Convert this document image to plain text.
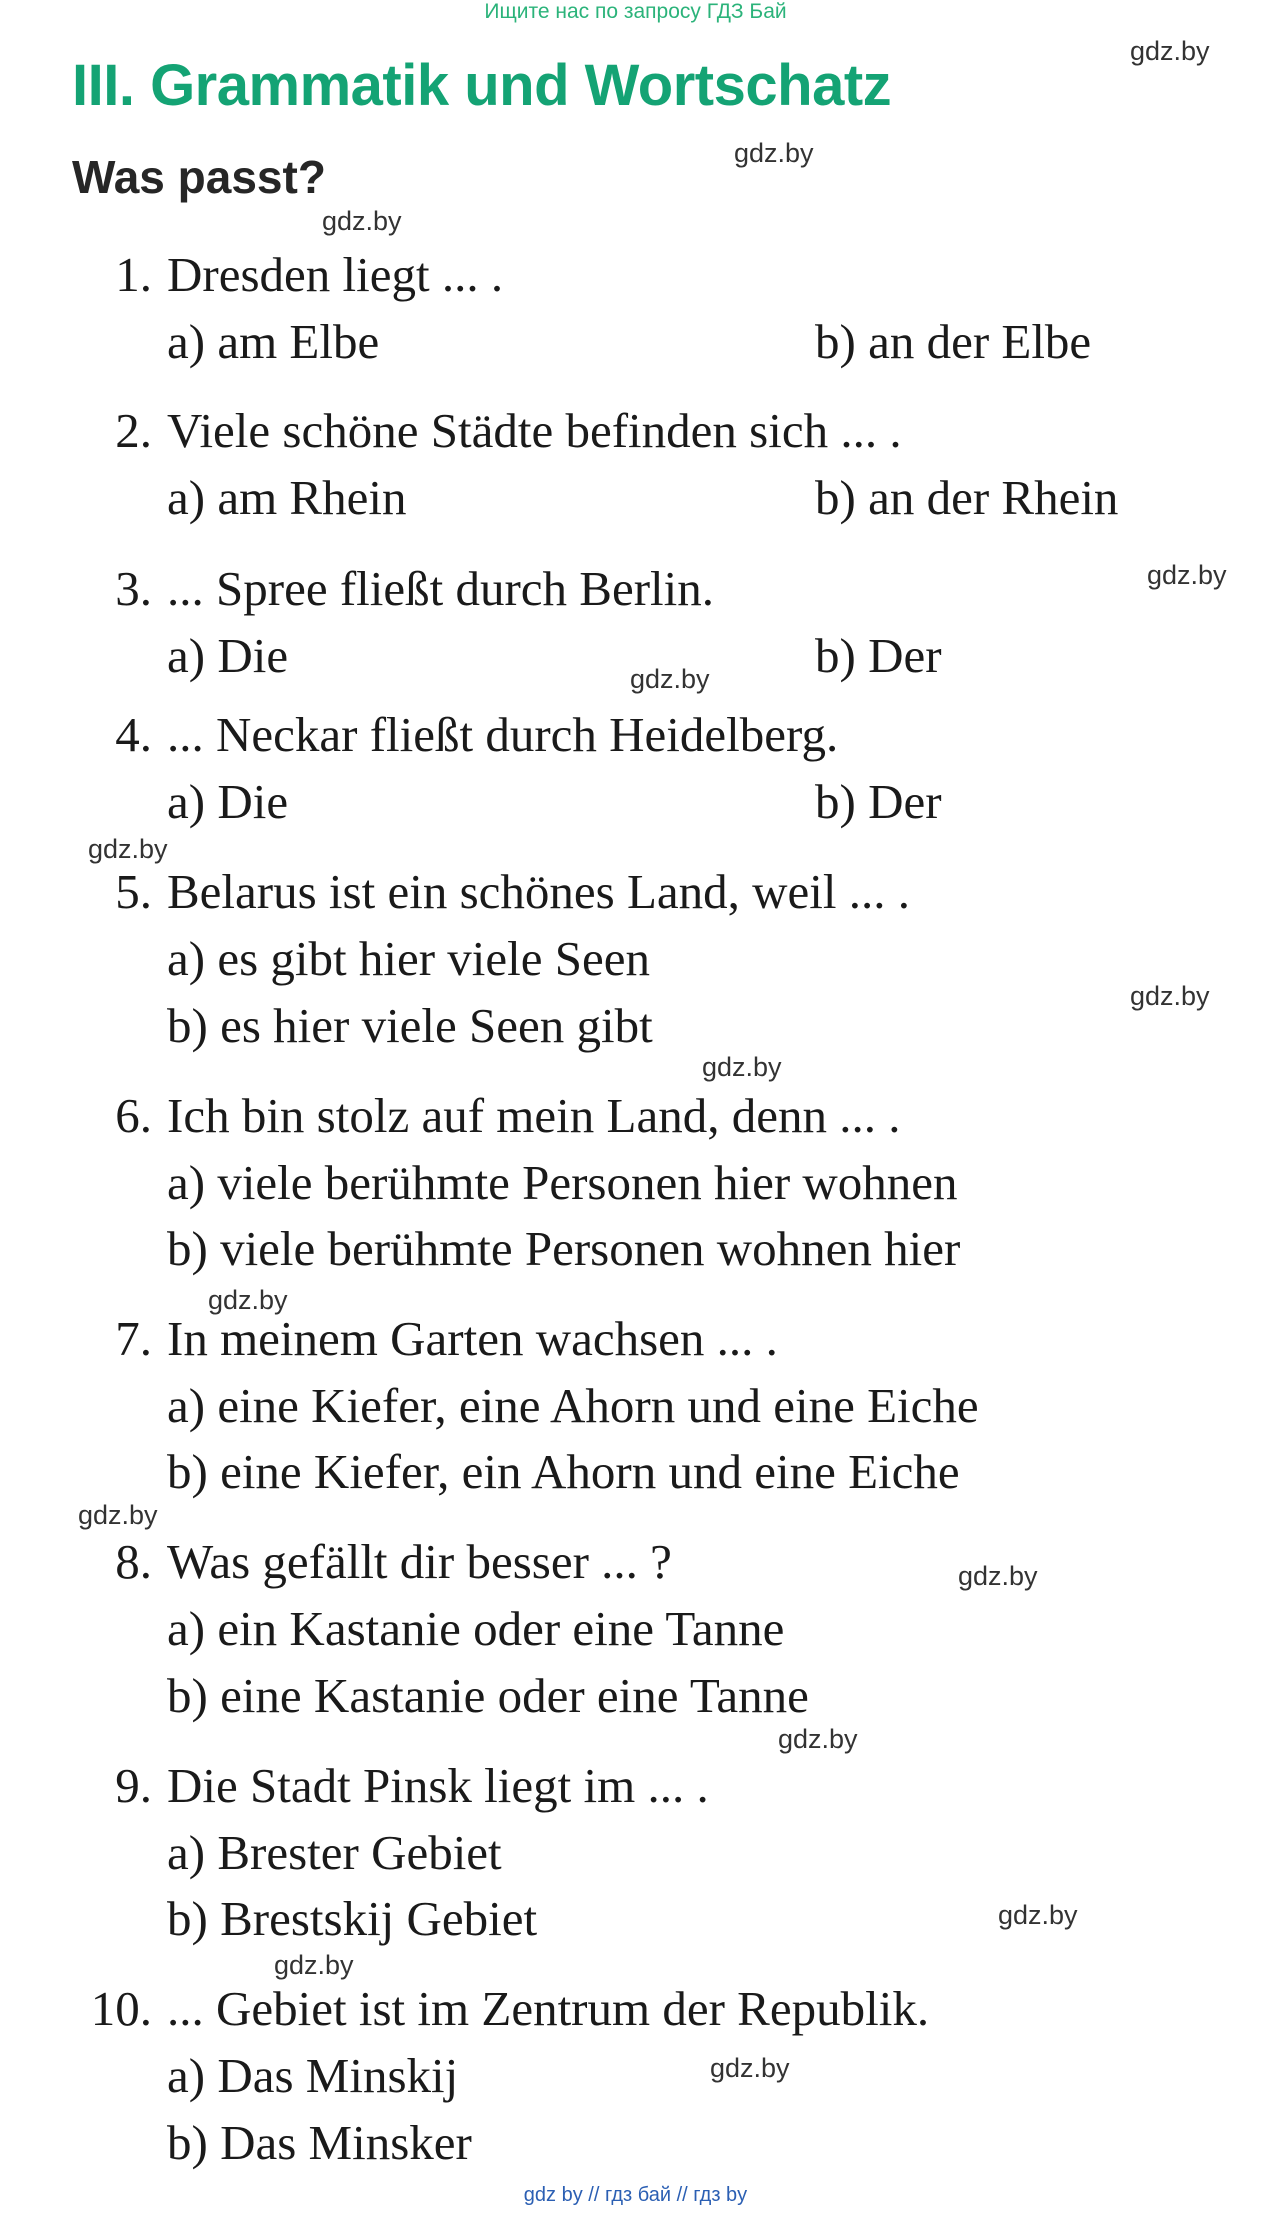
Ищите нас по запросу ГДЗ Бай
III. Grammatik und Wortschatz
Was passt?
1. Dresden liegt ... .
a) am Elbe	b) an der Elbe
2. Viele schöne Städte befinden sich ... .
a) am Rhein	b) an der Rhein
3. ... Spree fließt durch Berlin.
a) Die	b) Der
4. ... Neckar fließt durch Heidelberg.
a) Die	b) Der
5. Belarus ist ein schönes Land, weil ... .
a) es gibt hier viele Seen
b) es hier viele Seen gibt
6. Ich bin stolz auf mein Land, denn ... .
a) viele berühmte Personen hier wohnen
b) viele berühmte Personen wohnen hier
7. In meinem Garten wachsen ... .
a) eine Kiefer, eine Ahorn und eine Eiche
b) eine Kiefer, ein Ahorn und eine Eiche
8. Was gefällt dir besser ... ?
a) ein Kastanie oder eine Tanne
b) eine Kastanie oder eine Tanne
9. Die Stadt Pinsk liegt im ... .
a) Brester Gebiet
b) Brestskij Gebiet
10. ... Gebiet ist im Zentrum der Republik.
a) Das Minskij
b) Das Minsker
gdz.by
gdz.by
gdz.by
gdz.by
gdz.by
gdz.by
gdz.by
gdz.by
gdz.by
gdz.by
gdz.by
gdz.by
gdz.by
gdz.by
gdz.by
gdz by // гдз бай // гдз by
